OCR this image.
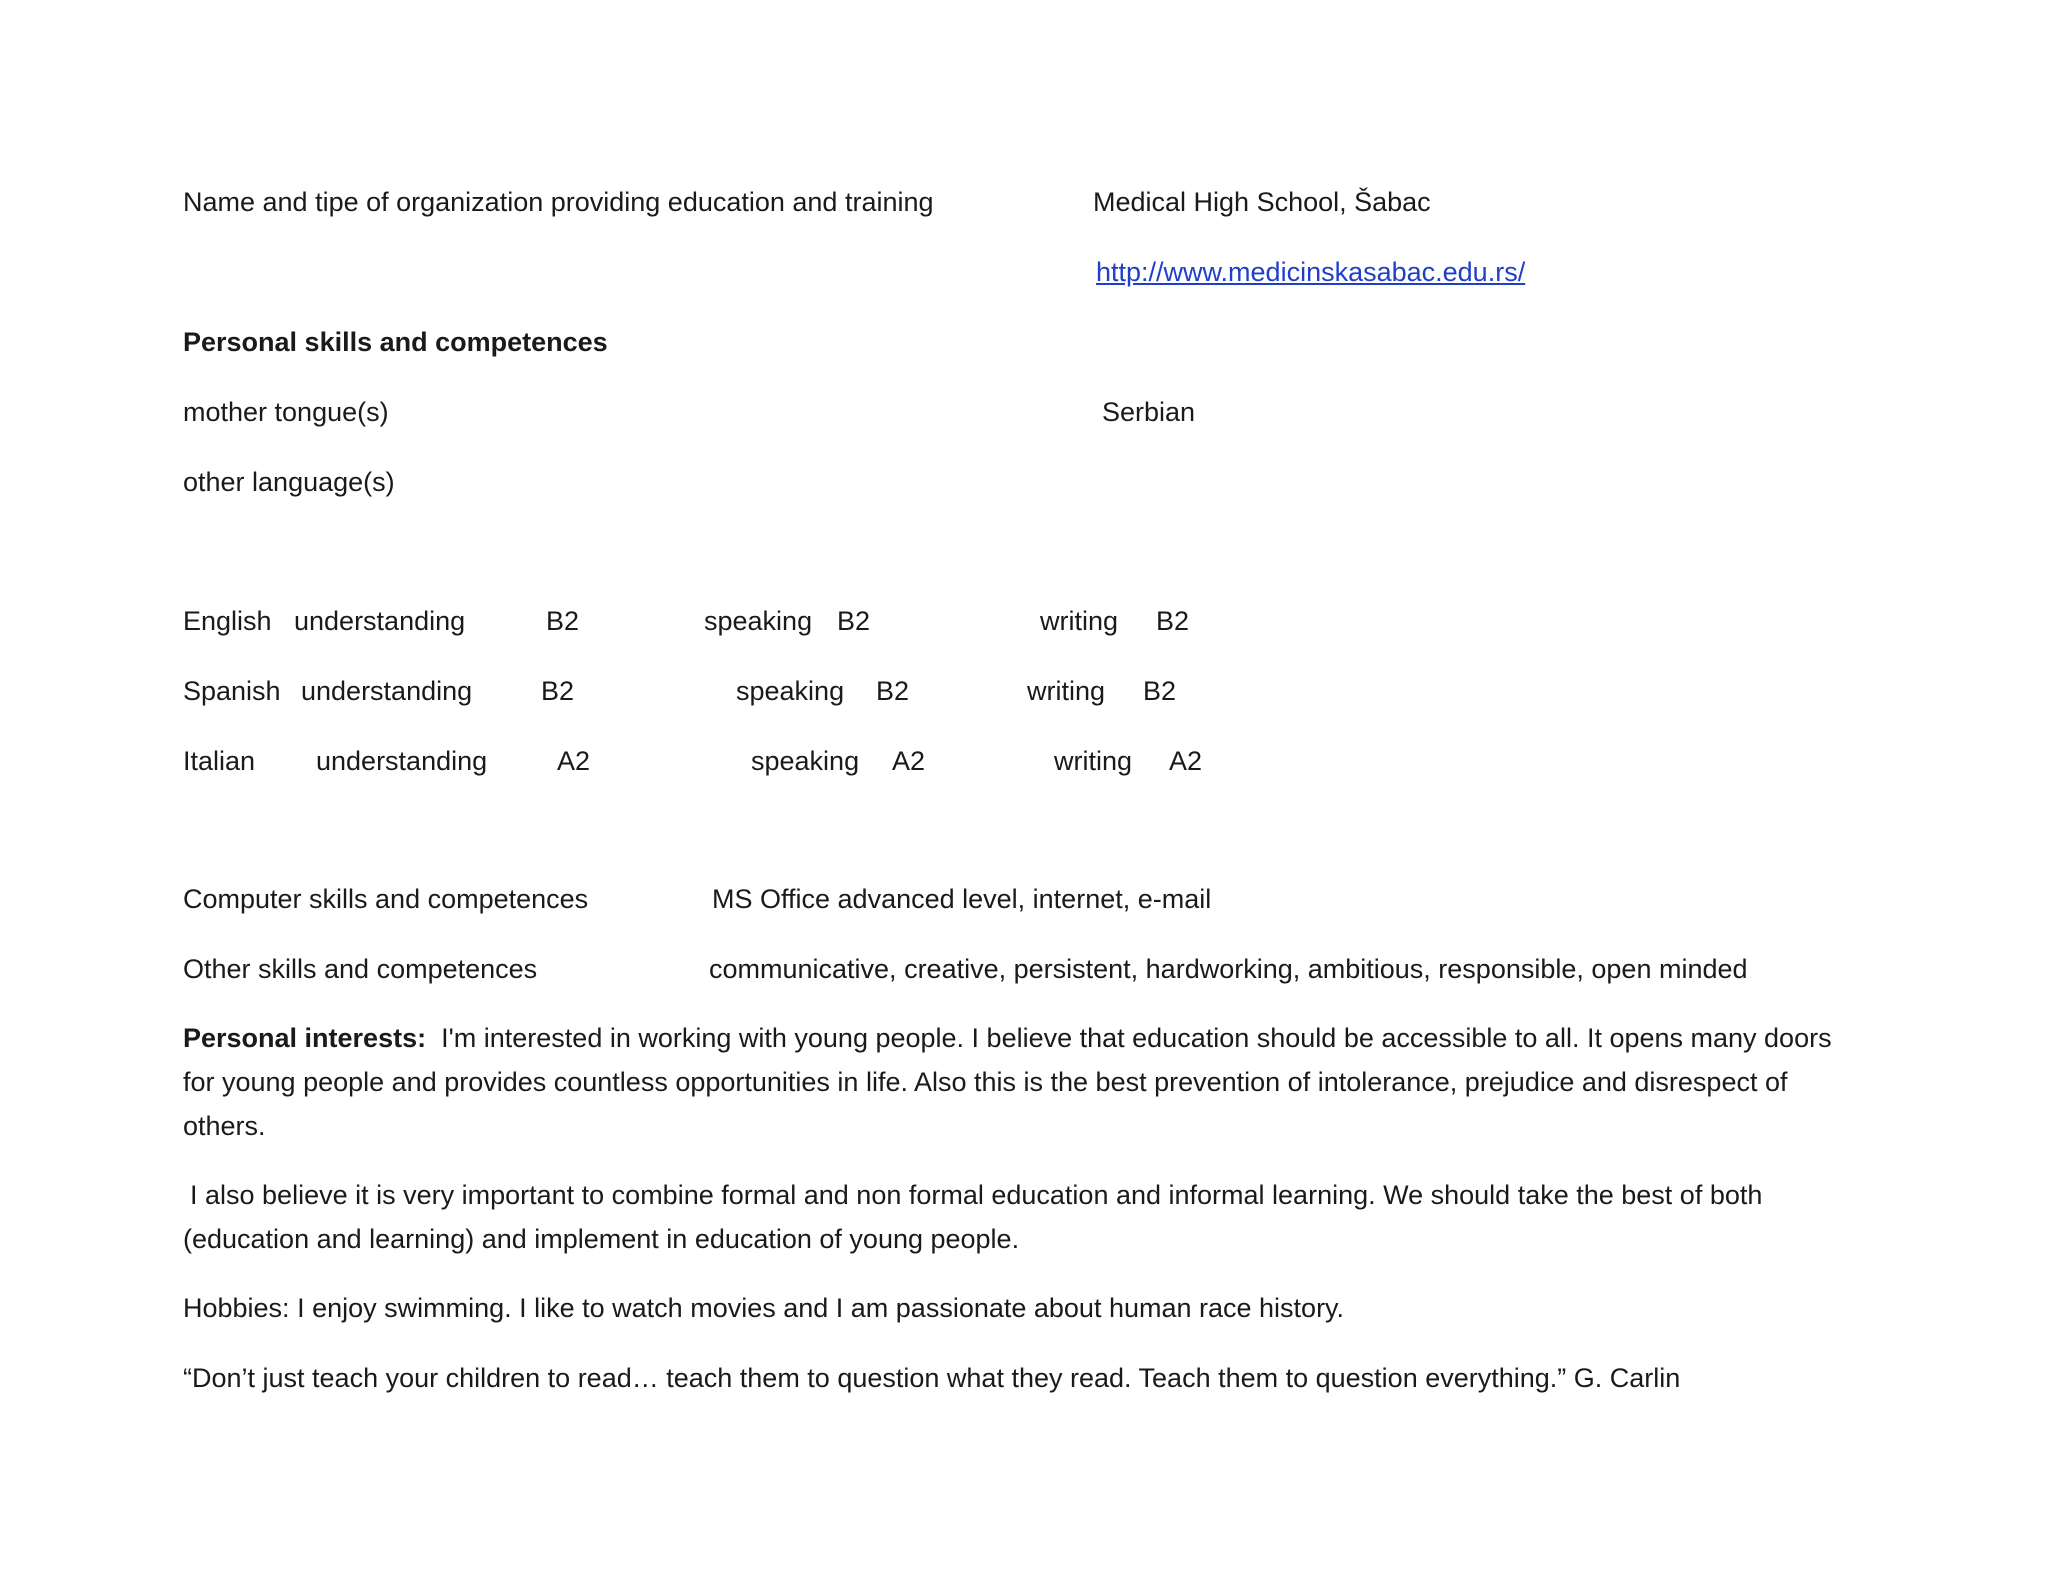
Name and tipe of organization providing education and training	Medical High School, Šabac
http://www.medicinskasabac.edu.rs/
Personal skills and competences
mother tongue(s)	Serbian
other language(s)
English understanding	B2	speaking B2	writing B2
Spanish understanding	B2	speaking B2	writing B2
Italian understanding	A2	speaking A2	writing A2
Computer skills and competences	MS Office advanced level, internet, e-mail
Other skills and competences	communicative, creative, persistent, hardworking, ambitious, responsible, open minded
Personal interests: I'm interested in working with young people. I believe that education should be accessible to all. It opens many doors for young people and provides countless opportunities in life. Also this is the best prevention of intolerance, prejudice and disrespect of others.
I also believe it is very important to combine formal and non formal education and informal learning. We should take the best of both (education and learning) and implement in education of young people.
Hobbies: I enjoy swimming. I like to watch movies and I am passionate about human race history.
“Don’t just teach your children to read… teach them to question what they read. Teach them to question everything.” G. Carlin
